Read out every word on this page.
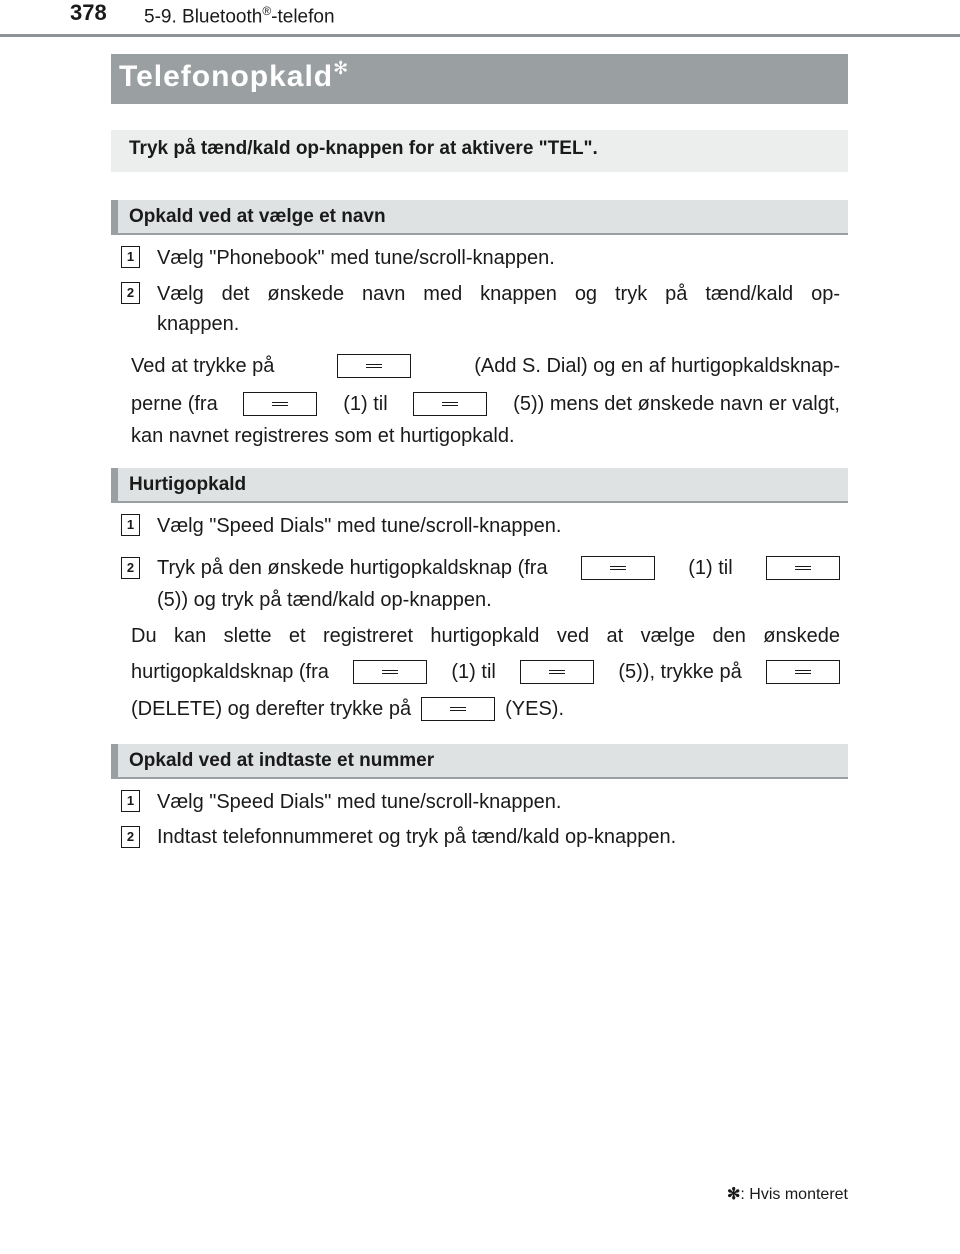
378 5-9. Bluetooth®-telefon
Telefonopkald✻
Tryk på tænd/kald op-knappen for at aktivere "TEL".
Opkald ved at vælge et navn
1 Vælg "Phonebook" med tune/scroll-knappen.
2 Vælg det ønskede navn med knappen og tryk på tænd/kald op-
knappen.
Ved at trykke på	(Add S. Dial) og en af hurtigopkaldsknap-
perne (fra	(1) til	(5)) mens det ønskede navn er valgt,
kan navnet registreres som et hurtigopkald.
Hurtigopkald
1 Vælg "Speed Dials" med tune/scroll-knappen.
2 Tryk på den ønskede hurtigopkaldsknap (fra	(1) til
(5)) og tryk på tænd/kald op-knappen.
Du kan slette et registreret hurtigopkald ved at vælge den ønskede
hurtigopkaldsknap (fra	(1) til	(5)), trykke på
(DELETE) og derefter trykke på	(YES).
Opkald ved at indtaste et nummer
1 Vælg "Speed Dials" med tune/scroll-knappen.
2 Indtast telefonnummeret og tryk på tænd/kald op-knappen.
✻: Hvis monteret
